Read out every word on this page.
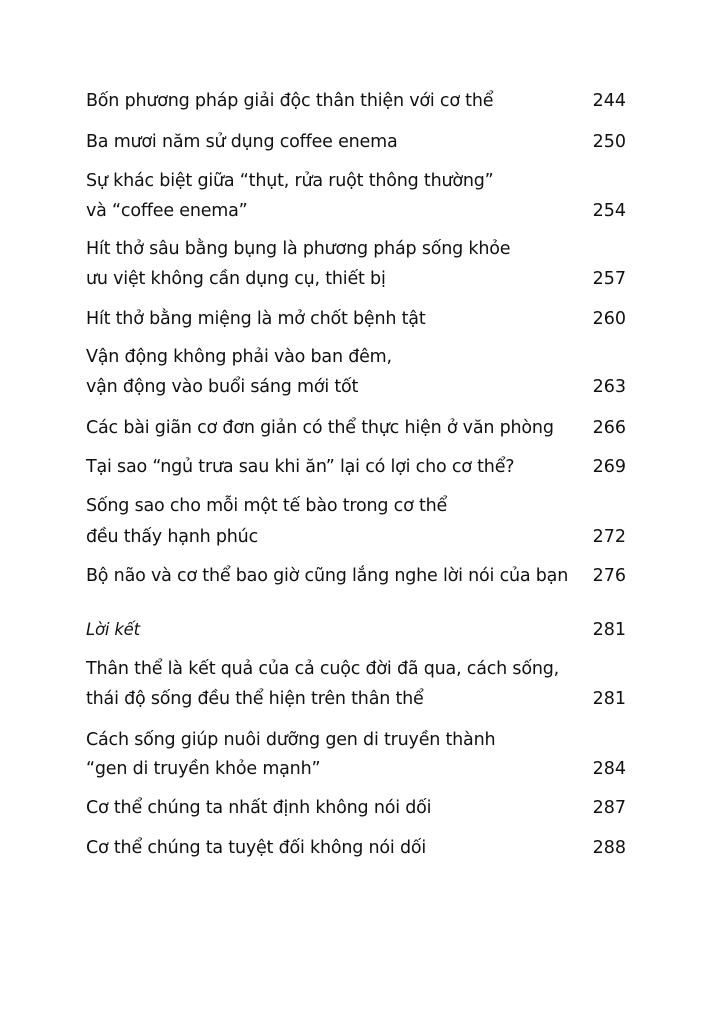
Bốn phương pháp giải độc thân thiện với cơ thể	244
Ba mươi năm sử dụng coffee enema	250
Sự khác biệt giữa “thụt, rửa ruột thông thường”
và “coffee enema”	254
Hít thở sâu bằng bụng là phương pháp sống khỏe
ưu việt không cần dụng cụ, thiết bị	257
Hít thở bằng miệng là mở chốt bệnh tật	260
Vận động không phải vào ban đêm,
vận động vào buổi sáng mới tốt	263
Các bài giãn cơ đơn giản có thể thực hiện ở văn phòng	266
Tại sao “ngủ trưa sau khi ăn” lại có lợi cho cơ thể?	269
Sống sao cho mỗi một tế bào trong cơ thể
đều thấy hạnh phúc	272
Bộ não và cơ thể bao giờ cũng lắng nghe lời nói của bạn	276
Lời kết	281
Thân thể là kết quả của cả cuộc đời đã qua, cách sống,
thái độ sống đều thể hiện trên thân thể	281
Cách sống giúp nuôi dưỡng gen di truyền thành
“gen di truyền khỏe mạnh”	284
Cơ thể chúng ta nhất định không nói dối	287
Cơ thể chúng ta tuyệt đối không nói dối	288
